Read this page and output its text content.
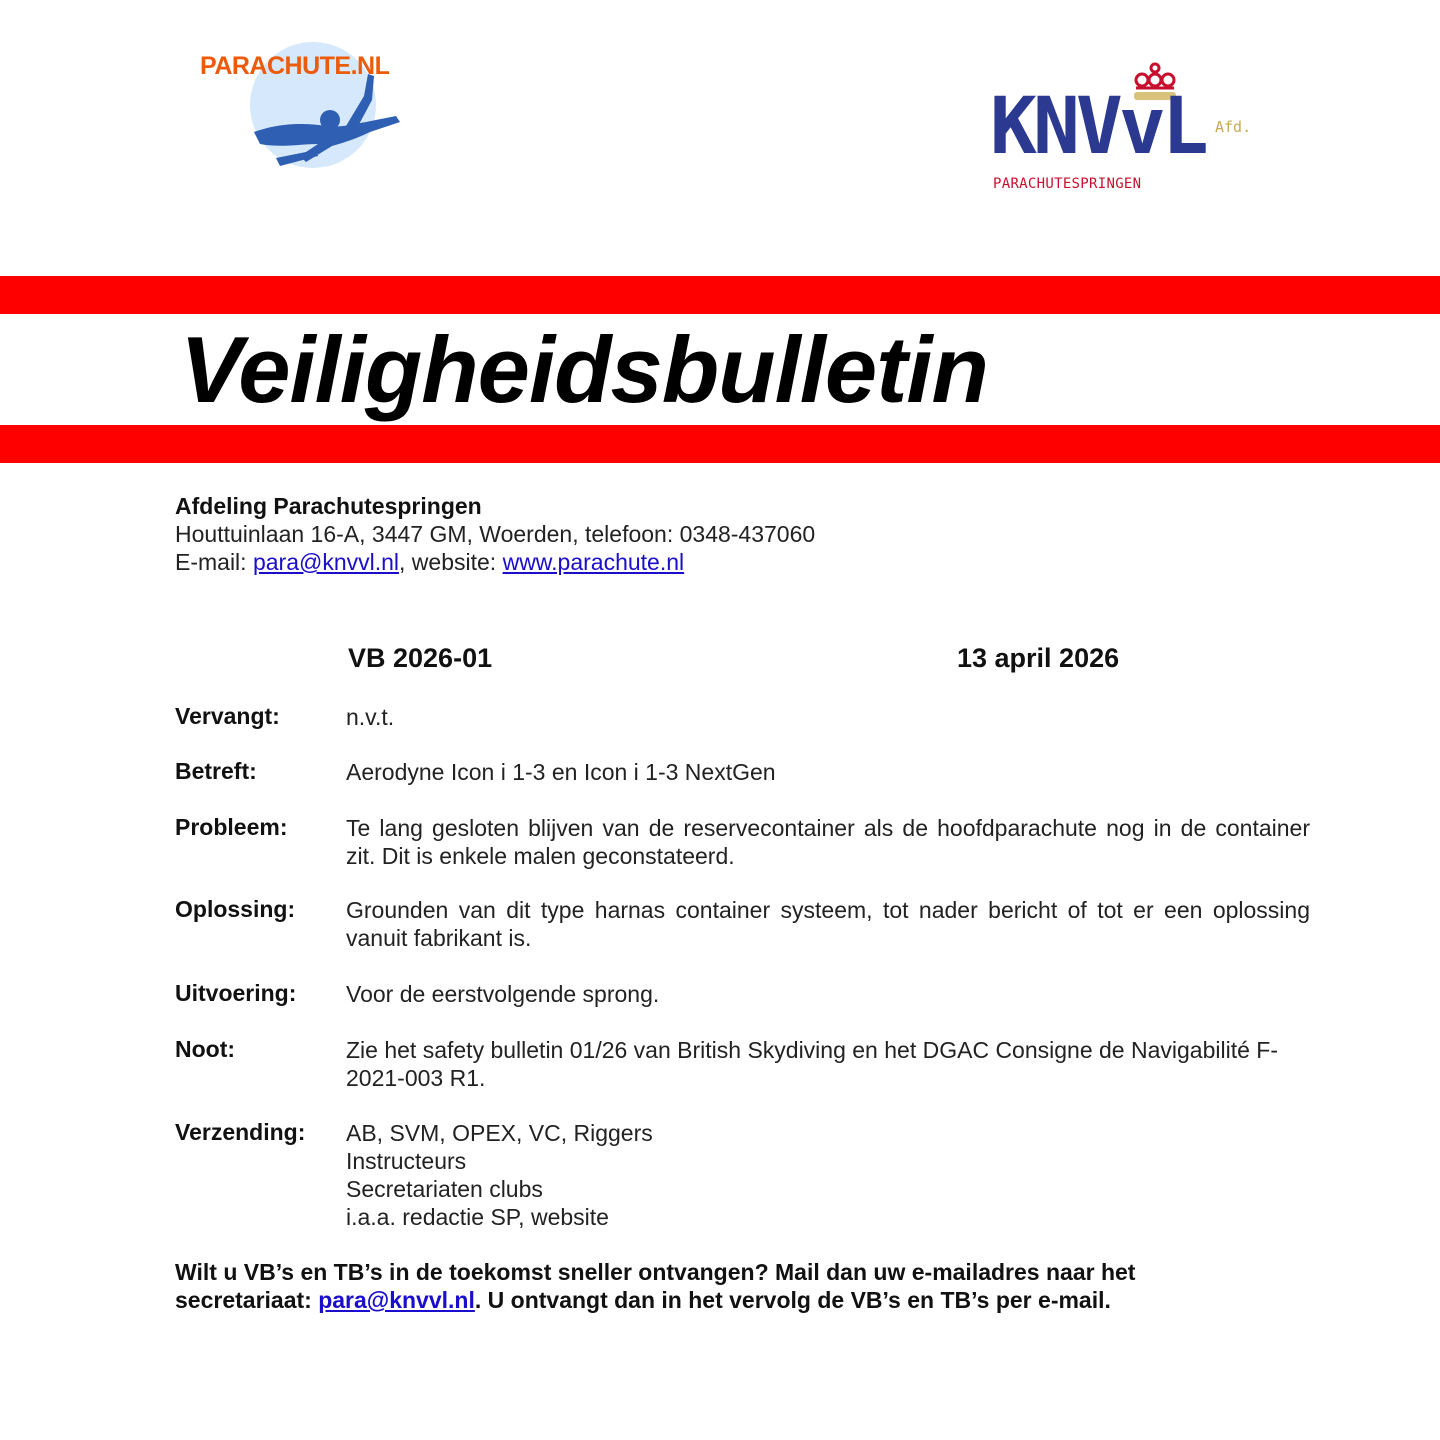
PARACHUTE.NL
KNVvL Afd.
PARACHUTESPRINGEN
Veiligheidsbulletin
Afdeling Parachutespringen
Houttuinlaan 16-A, 3447 GM, Woerden, telefoon: 0348-437060
E-mail: para@knvvl.nl, website: www.parachute.nl
VB 2026-01	13 april 2026
Vervangt:	n.v.t.
Betreft:	Aerodyne Icon i 1-3 en Icon i 1-3 NextGen
Probleem:	Te lang gesloten blijven van de reservecontainer als de hoofdparachute nog in de container zit. Dit is enkele malen geconstateerd.
Oplossing: Grounden van dit type harnas container systeem, tot nader bericht of tot er een oplossing vanuit fabrikant is.
Uitvoering: Voor de eerstvolgende sprong.
Noot:	Zie het safety bulletin 01/26 van British Skydiving en het DGAC Consigne de Navigabilité F-2021-003 R1.
Verzending: AB, SVM, OPEX, VC, Riggers
Instructeurs
Secretariaten clubs
i.a.a. redactie SP, website
Wilt u VB’s en TB’s in de toekomst sneller ontvangen? Mail dan uw e-mailadres naar het secretariaat: para@knvvl.nl. U ontvangt dan in het vervolg de VB’s en TB’s per e-mail.
